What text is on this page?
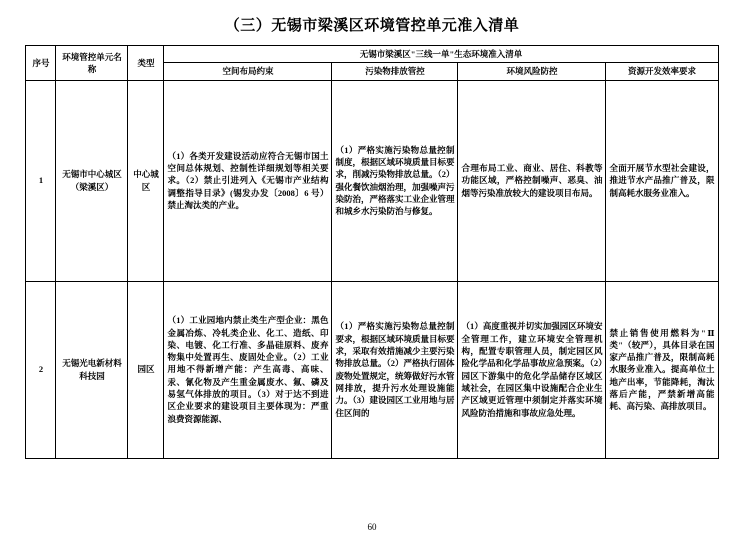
（三）无锡市梁溪区环境管控单元准入清单
序号	环境管控单元名称	类型	无锡市梁溪区"三线一单"生态环境准入清单			
			空间布局约束	污染物排放管控	环境风险防控	资源开发效率要求
1	无锡市中心城区（梁溪区）	中心城区	（1）各类开发建设活动应符合无锡市国土空间总体规划、控制性详细规划等相关要求。（2）禁止引进列入《无锡市产业结构调整指导目录》(锡发办发〔2008〕6 号）禁止淘汰类的产业。	（1）严格实施污染物总量控制制度，根据区域环境质量目标要求，削减污染物排放总量。（2）强化餐饮油烟治理，加强噪声污染防治，严格落实工业企业管理和城乡水污染防治与修复。	合理布局工业、商业、居住、科教等功能区域，严格控制噪声、恶臭、油烟等污染准放较大的建设项目布局。	全面开展节水型社会建设，推进节水产品推广普及，限制高耗水服务业准入。
2	无锡光电新材料科技园	园区	（1）工业园地内禁止类生产型企业：黑色金属冶炼、冷轧类企业、化工、造纸、印染、电镀、化工行准、多晶硅原料、废弃物集中处置再生、废固处企业。（2）工业用地不得新增产能：产生高毒、高味、汞、氰化物及产生重金属废水、氟、磷及易氢气体排放的项目。（3）对于达不到进区企业要求的建设项目主要体现为：严重浪费资源能源、	（1）严格实施污染物总量控制要求，根据区域环境质量目标要求，采取有效措施减少主要污染物排放总量。（2）严格执行固体废物处置规定，统筹做好污水管网排放，提升污水处理设施能力。（3）建设园区工业用地与居住区间的	（1）高度重视并切实加强园区环境安全管理工作，建立环境安全管理机构，配置专职管理人员，制定园区风险化学品和化学品事故应急预案。（2）园区下游集中的危化学品储存区域区域社会，在园区集中设施配合企业生产区域更近管理中须制定并落实环境风险防治措施和事故应急处理。	禁止销售使用燃料为"Ⅱ类"（较严），具体目录在国家产品推广普及，限制高耗水服务业准入。提高单位土地产出率，节能降耗，淘汰落后产能，严禁新增高能耗、高污染、高排放项目。
60
